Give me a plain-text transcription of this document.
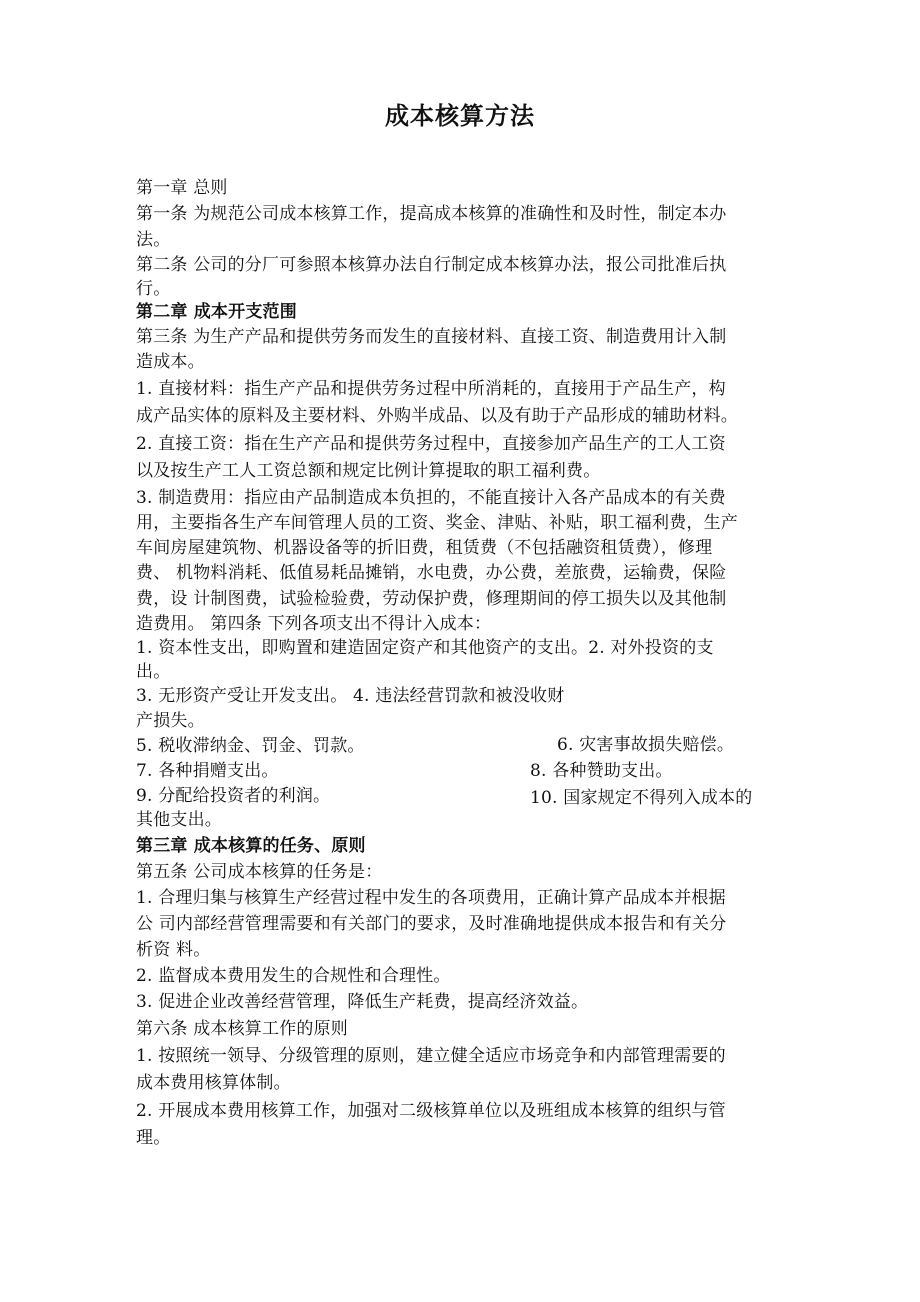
成本核算方法
第一章 总则
第一条 为规范公司成本核算工作，提高成本核算的准确性和及时性，制定本办
法。
第二条 公司的分厂可参照本核算办法自行制定成本核算办法，报公司批准后执
行。
第二章 成本开支范围
第三条 为生产产品和提供劳务而发生的直接材料、直接工资、制造费用计入制
造成本。
1. 直接材料：指生产产品和提供劳务过程中所消耗的，直接用于产品生产，构
成产品实体的原料及主要材料、外购半成品、以及有助于产品形成的辅助材料。
2. 直接工资：指在生产产品和提供劳务过程中，直接参加产品生产的工人工资
以及按生产工人工资总额和规定比例计算提取的职工福利费。
3. 制造费用：指应由产品制造成本负担的，不能直接计入各产品成本的有关费
用，主要指各生产车间管理人员的工资、奖金、津贴、补贴，职工福利费，生产
车间房屋建筑物、机器设备等的折旧费，租赁费（不包括融资租赁费），修理
费、 机物料消耗、低值易耗品摊销，水电费，办公费，差旅费，运输费，保险
费，设 计制图费，试验检验费，劳动保护费，修理期间的停工损失以及其他制
造费用。 第四条 下列各项支出不得计入成本：
1. 资本性支出，即购置和建造固定资产和其他资产的支出。2. 对外投资的支
出。
3. 无形资产受让开发支出。 4. 违法经营罚款和被没收财
产损失。
5. 税收滞纳金、罚金、罚款。	6. 灾害事故损失赔偿。
7. 各种捐赠支出。	8. 各种赞助支出。
9. 分配给投资者的利润。	10. 国家规定不得列入成本的
其他支出。
第三章 成本核算的任务、原则
第五条 公司成本核算的任务是：
1. 合理归集与核算生产经营过程中发生的各项费用，正确计算产品成本并根据
公 司内部经营管理需要和有关部门的要求，及时准确地提供成本报告和有关分
析资 料。
2. 监督成本费用发生的合规性和合理性。
3. 促进企业改善经营管理，降低生产耗费，提高经济效益。
第六条 成本核算工作的原则
1. 按照统一领导、分级管理的原则，建立健全适应市场竞争和内部管理需要的
成本费用核算体制。
2. 开展成本费用核算工作，加强对二级核算单位以及班组成本核算的组织与管
理。
